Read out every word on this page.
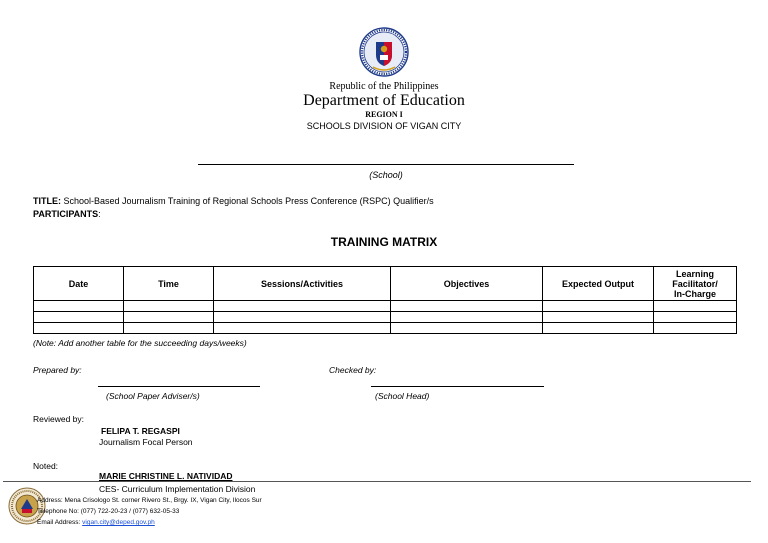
Republic of the Philippines
Department of Education
REGION I
SCHOOLS DIVISION OF VIGAN CITY
(School)
TITLE: School-Based Journalism Training of Regional Schools Press Conference (RSPC) Qualifier/s
PARTICIPANTS:
TRAINING MATRIX
Date	Time	Sessions/Activities	Objectives	Expected Output	Learning
Facilitator/
In-Charge

(Note: Add another table for the succeeding days/weeks)
Prepared by:	Checked by:
(School Paper Adviser/s)	(School Head)
Reviewed by:
FELIPA T. REGASPI
Journalism Focal Person
Noted:
MARIE CHRISTINE L. NATIVIDAD
CES- Curriculum Implementation Division
Address: Mena Crisologo St. corner Rivero St., Brgy. IX, Vigan City, Ilocos Sur
Telephone No: (077) 722-20-23 / (077) 632-05-33
Email Address: vigan.city@deped.gov.ph
